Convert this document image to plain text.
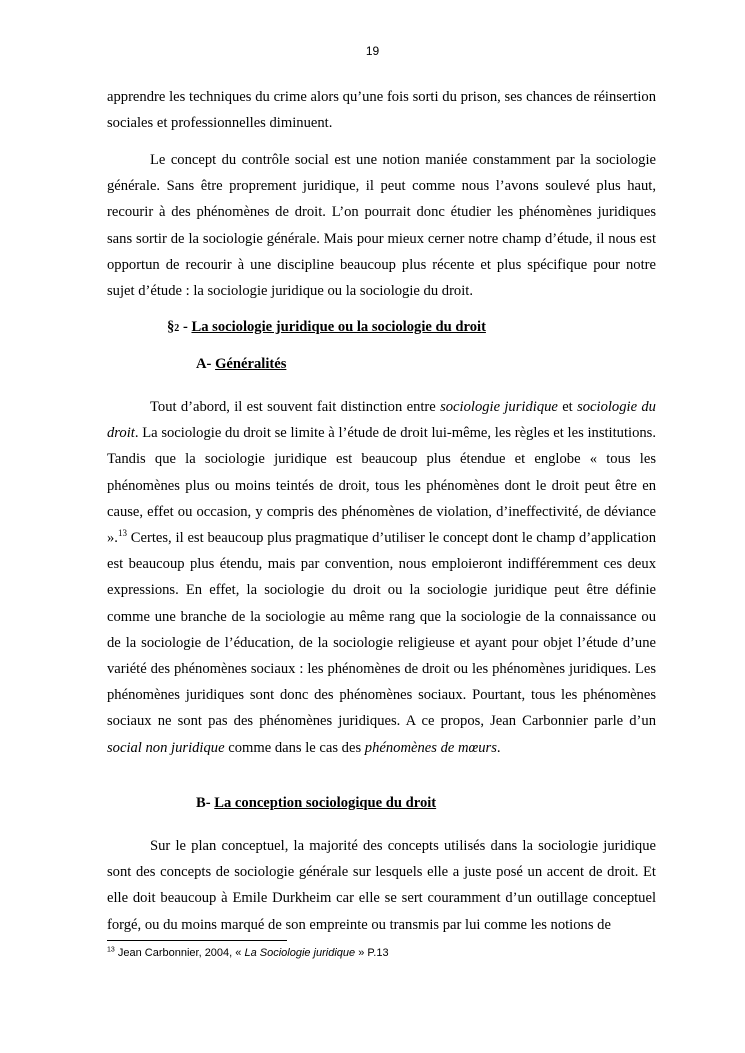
19

apprendre les techniques du crime alors qu’une fois sorti du prison, ses chances de réinsertion sociales et professionnelles diminuent.

Le concept du contrôle social est une notion maniée constamment par la sociologie générale. Sans être proprement juridique, il peut comme nous l’avons soulevé plus haut, recourir à des phénomènes de droit. L’on pourrait donc étudier les phénomènes juridiques sans sortir de la sociologie générale. Mais pour mieux cerner notre champ d’étude, il nous est opportun de recourir à une discipline beaucoup plus récente et plus spécifique pour notre sujet d’étude : la sociologie juridique ou la sociologie du droit.

§2 - La sociologie juridique ou la sociologie du droit
A- Généralités

Tout d’abord, il est souvent fait distinction entre sociologie juridique et sociologie du droit. La sociologie du droit se limite à l’étude de droit lui-même, les règles et les institutions. Tandis que la sociologie juridique est beaucoup plus étendue et englobe « tous les phénomènes plus ou moins teintés de droit, tous les phénomènes dont le droit peut être en cause, effet ou occasion, y compris des phénomènes de violation, d’ineffectivité, de déviance ».$^{13}$ Certes, il est beaucoup plus pragmatique d’utiliser le concept dont le champ d’application est beaucoup plus étendu, mais par convention, nous emploieront indifféremment ces deux expressions. En effet, la sociologie du droit ou la sociologie juridique peut être définie comme une branche de la sociologie au même rang que la sociologie de la connaissance ou de la sociologie de l’éducation, de la sociologie religieuse et ayant pour objet l’étude d’une variété des phénomènes sociaux : les phénomènes de droit ou les phénomènes juridiques. Les phénomènes juridiques sont donc des phénomènes sociaux. Pourtant, tous les phénomènes sociaux ne sont pas des phénomènes juridiques. A ce propos, Jean Carbonnier parle d’un social non juridique comme dans le cas des phénomènes de mœurs.

B- La conception sociologique du droit

Sur le plan conceptuel, la majorité des concepts utilisés dans la sociologie juridique sont des concepts de sociologie générale sur lesquels elle a juste posé un accent de droit. Et elle doit beaucoup à Emile Durkheim car elle se sert couramment d’un outillage conceptuel forgé, ou du moins marqué de son empreinte ou transmis par lui comme les notions de

$^{13}$ Jean Carbonnier, 2004, « La Sociologie juridique » P.13
